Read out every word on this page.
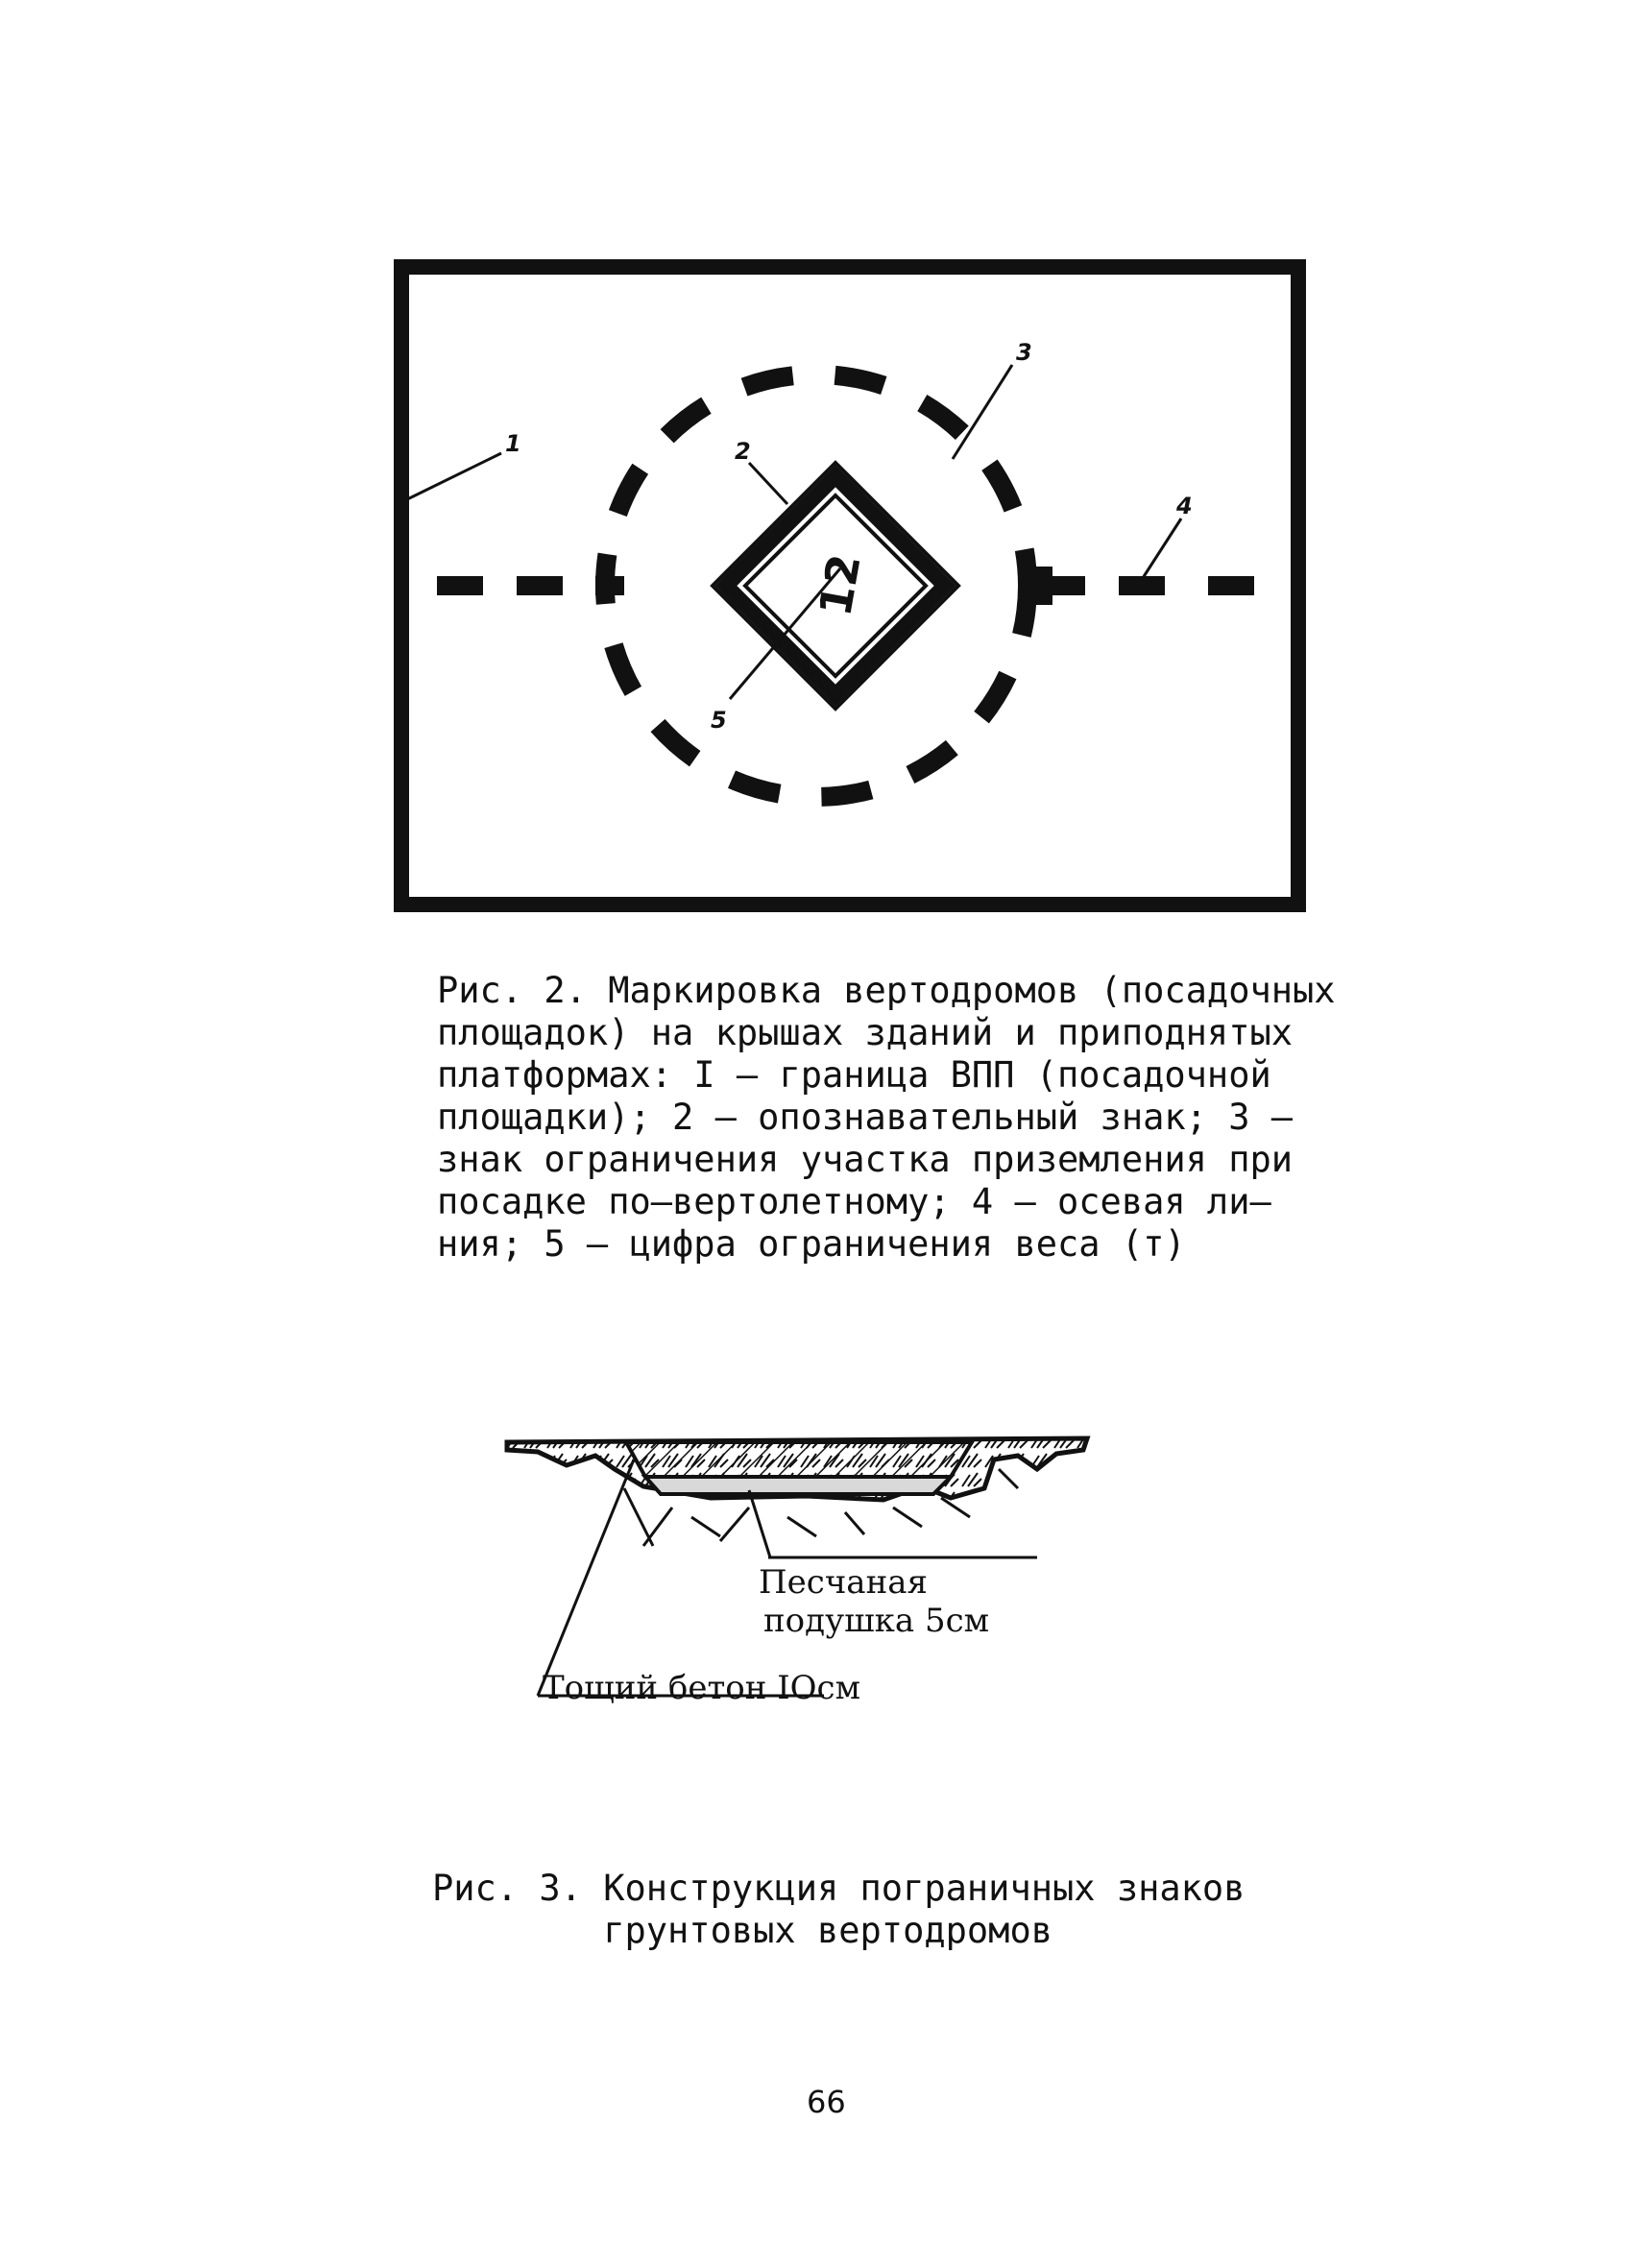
12
1	2
3
4
5
Рис. 2. Маркировка вертодромов (посадочных
площадок) на крышах зданий и приподнятых
платформах: I – граница ВПП (посадочной
площадки); 2 – опознавательный знак; 3 –
знак ограничения участка приземления при
посадке по–вертолетному; 4 – осевая ли–
ния; 5 – цифра ограничения веса (т)
Песчаная
подушка 5см
Тощий бетон IOсм
Рис. 3. Конструкция пограничных знаков
грунтовых вертодромов
66
